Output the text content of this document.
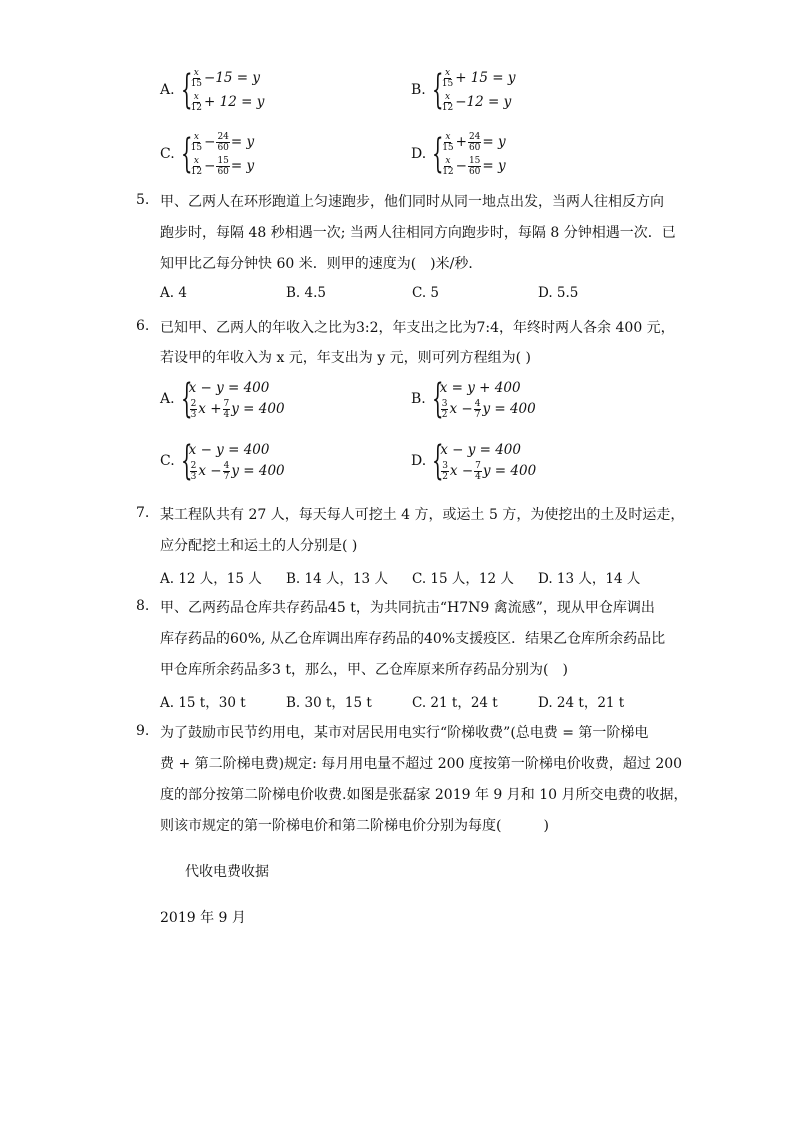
A. {
$\frac{x}{15} -15 = y$
$\frac{x}{12} + 12 = y$
B. {
$\frac{x}{15} + 15 = y$
$\frac{x}{12} -12 = y$
C. {
$\frac{x}{15} - \frac{24}{60} = y$
$\frac{x}{12} - \frac{15}{60} = y$
D. {
$\frac{x}{15} + \frac{24}{60} = y$
$\frac{x}{12} - \frac{15}{60} = y$
5. 甲、乙两人在环形跑道上匀速跑步，他们同时从同一地点出发，当两人往相反方向
跑步时，每隔 48 秒相遇一次; 当两人往相同方向跑步时，每隔 8 分钟相遇一次．已
知甲比乙每分钟快 60 米．则甲的速度为(　)米/秒．
A. 4	B. 4.5	C. 5	D. 5.5
6. 已知甲、乙两人的年收入之比为3:2，年支出之比为7:4，年终时两人各余 400 元，
若设甲的年收入为 x 元，年支出为 y 元，则可列方程组为( )
A. {
x − y = 400
$\frac{2}{3}$ $x + \frac{7}{4}$ y = 400
B. {
x = y + 400
$\frac{3}{2}$ $x - \frac{4}{7}$ y = 400
C. {
x − y = 400
$\frac{2}{3}$ $x - \frac{4}{7}$ y = 400
D. {
x − y = 400
$\frac{3}{2}$ $x - \frac{7}{4}$ y = 400
7. 某工程队共有 27 人，每天每人可挖土 4 方，或运土 5 方，为使挖出的土及时运走，
应分配挖土和运土的人分别是( )
A. 12 人，15 人 B. 14 人，13 人 C. 15 人，12 人 D. 13 人，14 人
8. 甲、乙两药品仓库共存药品45 t，为共同抗击“H7N9 禽流感”，现从甲仓库调出
库存药品的60%, 从乙仓库调出库存药品的40%支援疫区．结果乙仓库所余药品比
甲仓库所余药品多3 t，那么，甲、乙仓库原来所存药品分别为(　)
A. 15 t，30 t	B. 30 t，15 t	C. 21 t，24 t	D. 24 t，21 t
9. 为了鼓励市民节约用电，某市对居民用电实行“阶梯收费”(总电费 = 第一阶梯电
费 + 第二阶梯电费)规定: 每月用电量不超过 200 度按第一阶梯电价收费，超过 200
度的部分按第二阶梯电价收费.如图是张磊家 2019 年 9 月和 10 月所交电费的收据，
则该市规定的第一阶梯电价和第二阶梯电价分别为每度(　　　)
代收电费收据
2019 年 9 月
